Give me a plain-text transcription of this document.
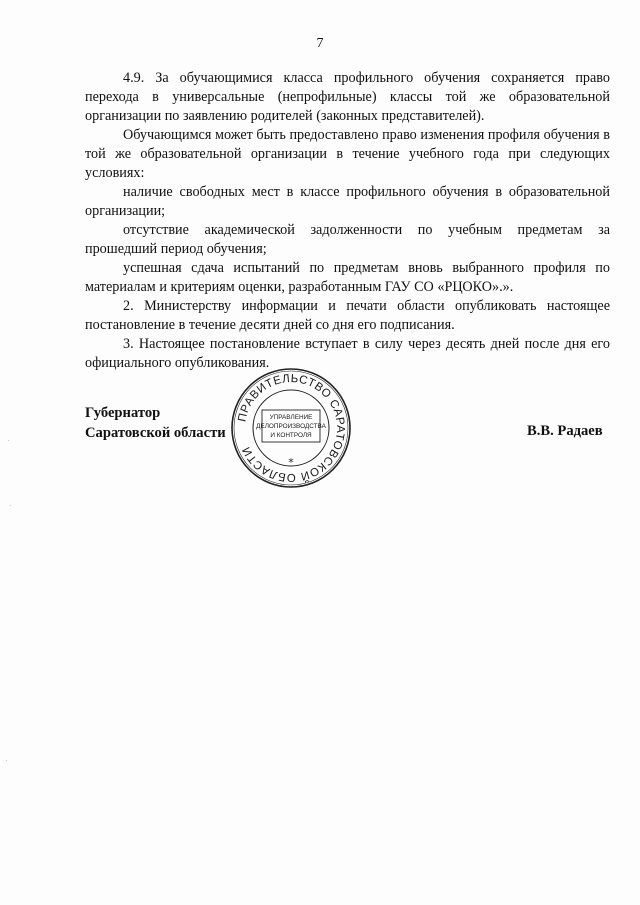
7

4.9. За обучающимися класса профильного обучения сохраняется право перехода в универсальные (непрофильные) классы той же образовательной организации по заявлению родителей (законных представителей).

Обучающимся может быть предоставлено право изменения профиля обучения в той же образовательной организации в течение учебного года при следующих условиях:

наличие свободных мест в классе профильного обучения в образовательной организации;

отсутствие академической задолженности по учебным предметам за прошедший период обучения;

успешная сдача испытаний по предметам вновь выбранного профиля по материалам и критериям оценки, разработанным ГАУ СО «РЦОКО».».

2. Министерству информации и печати области опубликовать настоящее постановление в течение десяти дней со дня его подписания.

3. Настоящее постановление вступает в силу через десять дней после дня его официального опубликования.

Губернатор
Саратовской области
ПРАВИТЕЛЬСТВО САРАТОВСКОЙ ОБЛАСТИ
УПРАВЛЕНИЕ
ДЕЛОПРОИЗВОДСТВА
И КОНТРОЛЯ
*
В.В. Радаев
